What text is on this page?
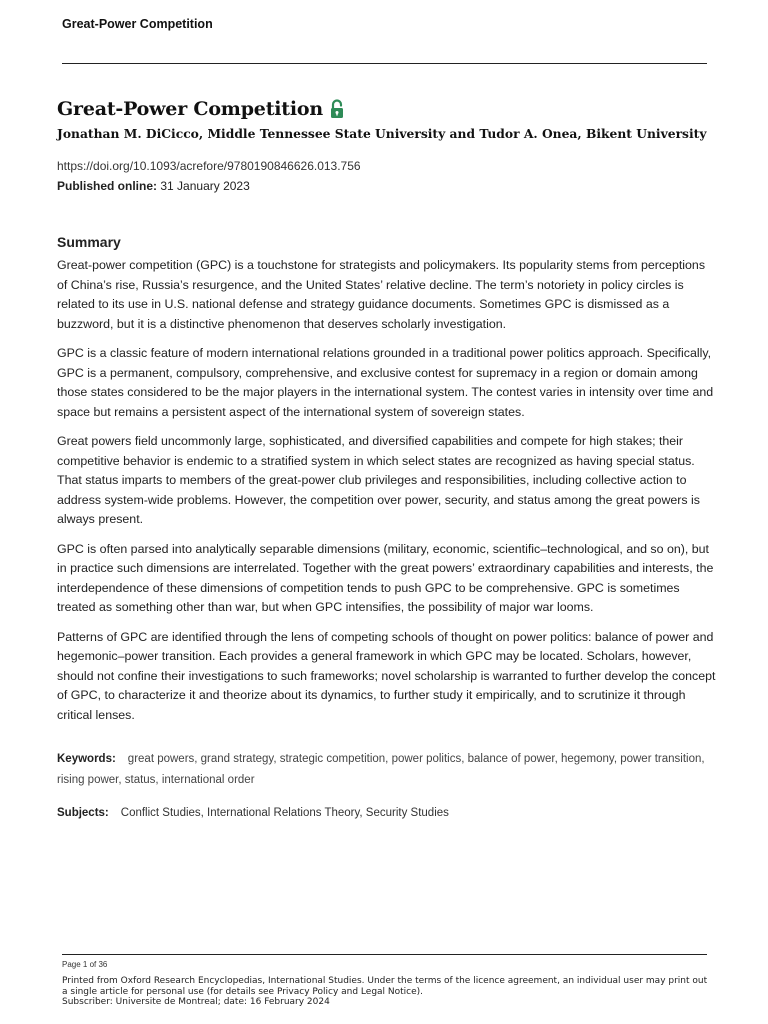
Great-Power Competition
Great-Power Competition
Jonathan M. DiCicco, Middle Tennessee State University and Tudor A. Onea, Bikent University
https://doi.org/10.1093/acrefore/9780190846626.013.756
Published online: 31 January 2023
Summary

Great-power competition (GPC) is a touchstone for strategists and policymakers. Its popularity stems from perceptions of China’s rise, Russia’s resurgence, and the United States’ relative decline. The term’s notoriety in policy circles is related to its use in U.S. national defense and strategy guidance documents. Sometimes GPC is dismissed as a buzzword, but it is a distinctive phenomenon that deserves scholarly investigation.

GPC is a classic feature of modern international relations grounded in a traditional power politics approach. Specifically, GPC is a permanent, compulsory, comprehensive, and exclusive contest for supremacy in a region or domain among those states considered to be the major players in the international system. The contest varies in intensity over time and space but remains a persistent aspect of the international system of sovereign states.

Great powers field uncommonly large, sophisticated, and diversified capabilities and compete for high stakes; their competitive behavior is endemic to a stratified system in which select states are recognized as having special status. That status imparts to members of the great-power club privileges and responsibilities, including collective action to address system-wide problems. However, the competition over power, security, and status among the great powers is always present.

GPC is often parsed into analytically separable dimensions (military, economic, scientific–technological, and so on), but in practice such dimensions are interrelated. Together with the great powers’ extraordinary capabilities and interests, the interdependence of these dimensions of competition tends to push GPC to be comprehensive. GPC is sometimes treated as something other than war, but when GPC intensifies, the possibility of major war looms.

Patterns of GPC are identified through the lens of competing schools of thought on power politics: balance of power and hegemonic–power transition. Each provides a general framework in which GPC may be located. Scholars, however, should not confine their investigations to such frameworks; novel scholarship is warranted to further develop the concept of GPC, to characterize it and theorize about its dynamics, to further study it empirically, and to scrutinize it through critical lenses.

Keywords: great powers, grand strategy, strategic competition, power politics, balance of power, hegemony, power transition, rising power, status, international order
Subjects: Conflict Studies, International Relations Theory, Security Studies
Page 1 of 36
Printed from Oxford Research Encyclopedias, International Studies. Under the terms of the licence agreement, an individual user may print out a single article for personal use (for details see Privacy Policy and Legal Notice).
Subscriber: Universite de Montreal; date: 16 February 2024
